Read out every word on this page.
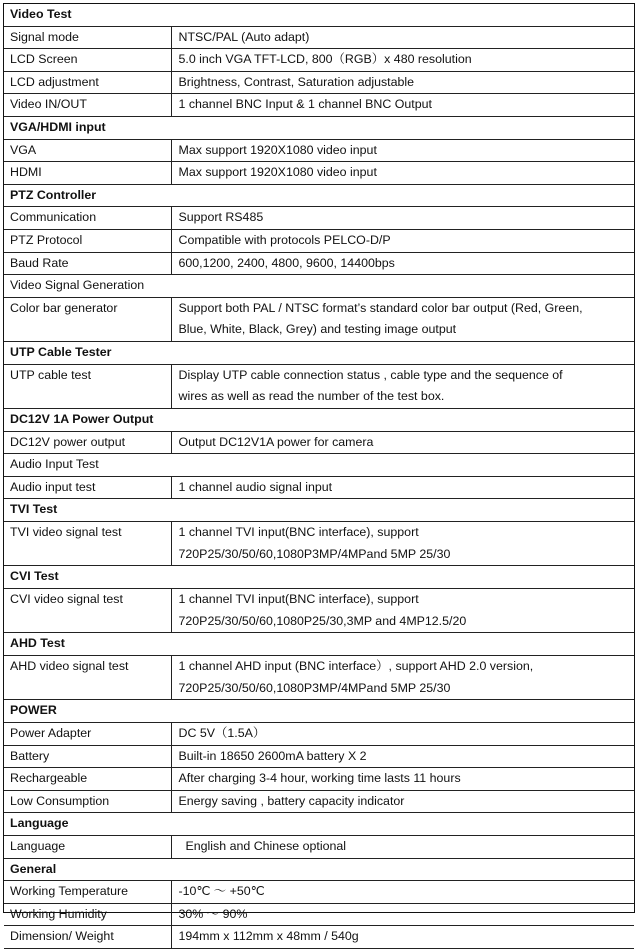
Video Test	
Signal mode	NTSC/PAL (Auto adapt)
LCD Screen	5.0 inch VGA TFT-LCD, 800（RGB）x 480 resolution
LCD adjustment	Brightness, Contrast, Saturation adjustable
Video IN/OUT	1 channel BNC Input & 1 channel BNC Output
VGA/HDMI input	
VGA	Max support 1920X1080 video input
HDMI	Max support 1920X1080 video input
PTZ Controller	
Communication	Support RS485
PTZ Protocol	Compatible with protocols PELCO-D/P
Baud Rate	600,1200, 2400, 4800, 9600, 14400bps
Video Signal Generation	
Color bar generator	Support both PAL / NTSC format’s standard color bar output (Red, Green,
Blue, White, Black, Grey) and testing image output

UTP Cable Tester	
UTP cable test	Display UTP cable connection status , cable type and the sequence of
wires as well as read the number of the test box.

DC12V 1A Power Output	
DC12V power output	Output DC12V1A power for camera
Audio Input Test	
Audio input test	1 channel audio signal input
TVI Test	
TVI video signal test	1 channel TVI input(BNC interface), support
720P25/30/50/60,1080P3MP/4MPand 5MP 25/30

CVI Test	
CVI video signal test	1 channel TVI input(BNC interface), support
720P25/30/50/60,1080P25/30,3MP and 4MP12.5/20

AHD Test	
AHD video signal test	1 channel AHD input (BNC interface）, support AHD 2.0 version,
720P25/30/50/60,1080P3MP/4MPand 5MP 25/30

POWER	
Power Adapter	DC 5V（1.5A）
Battery	Built-in 18650 2600mA battery X 2
Rechargeable	After charging 3-4 hour, working time lasts 11 hours
Low Consumption	Energy saving , battery capacity indicator
Language	
Language	English and Chinese optional
General	
Working Temperature	-10℃ ～ +50℃
Working Humidity	30% ～ 90%
Dimension/ Weight	194mm x 112mm x 48mm / 540g
